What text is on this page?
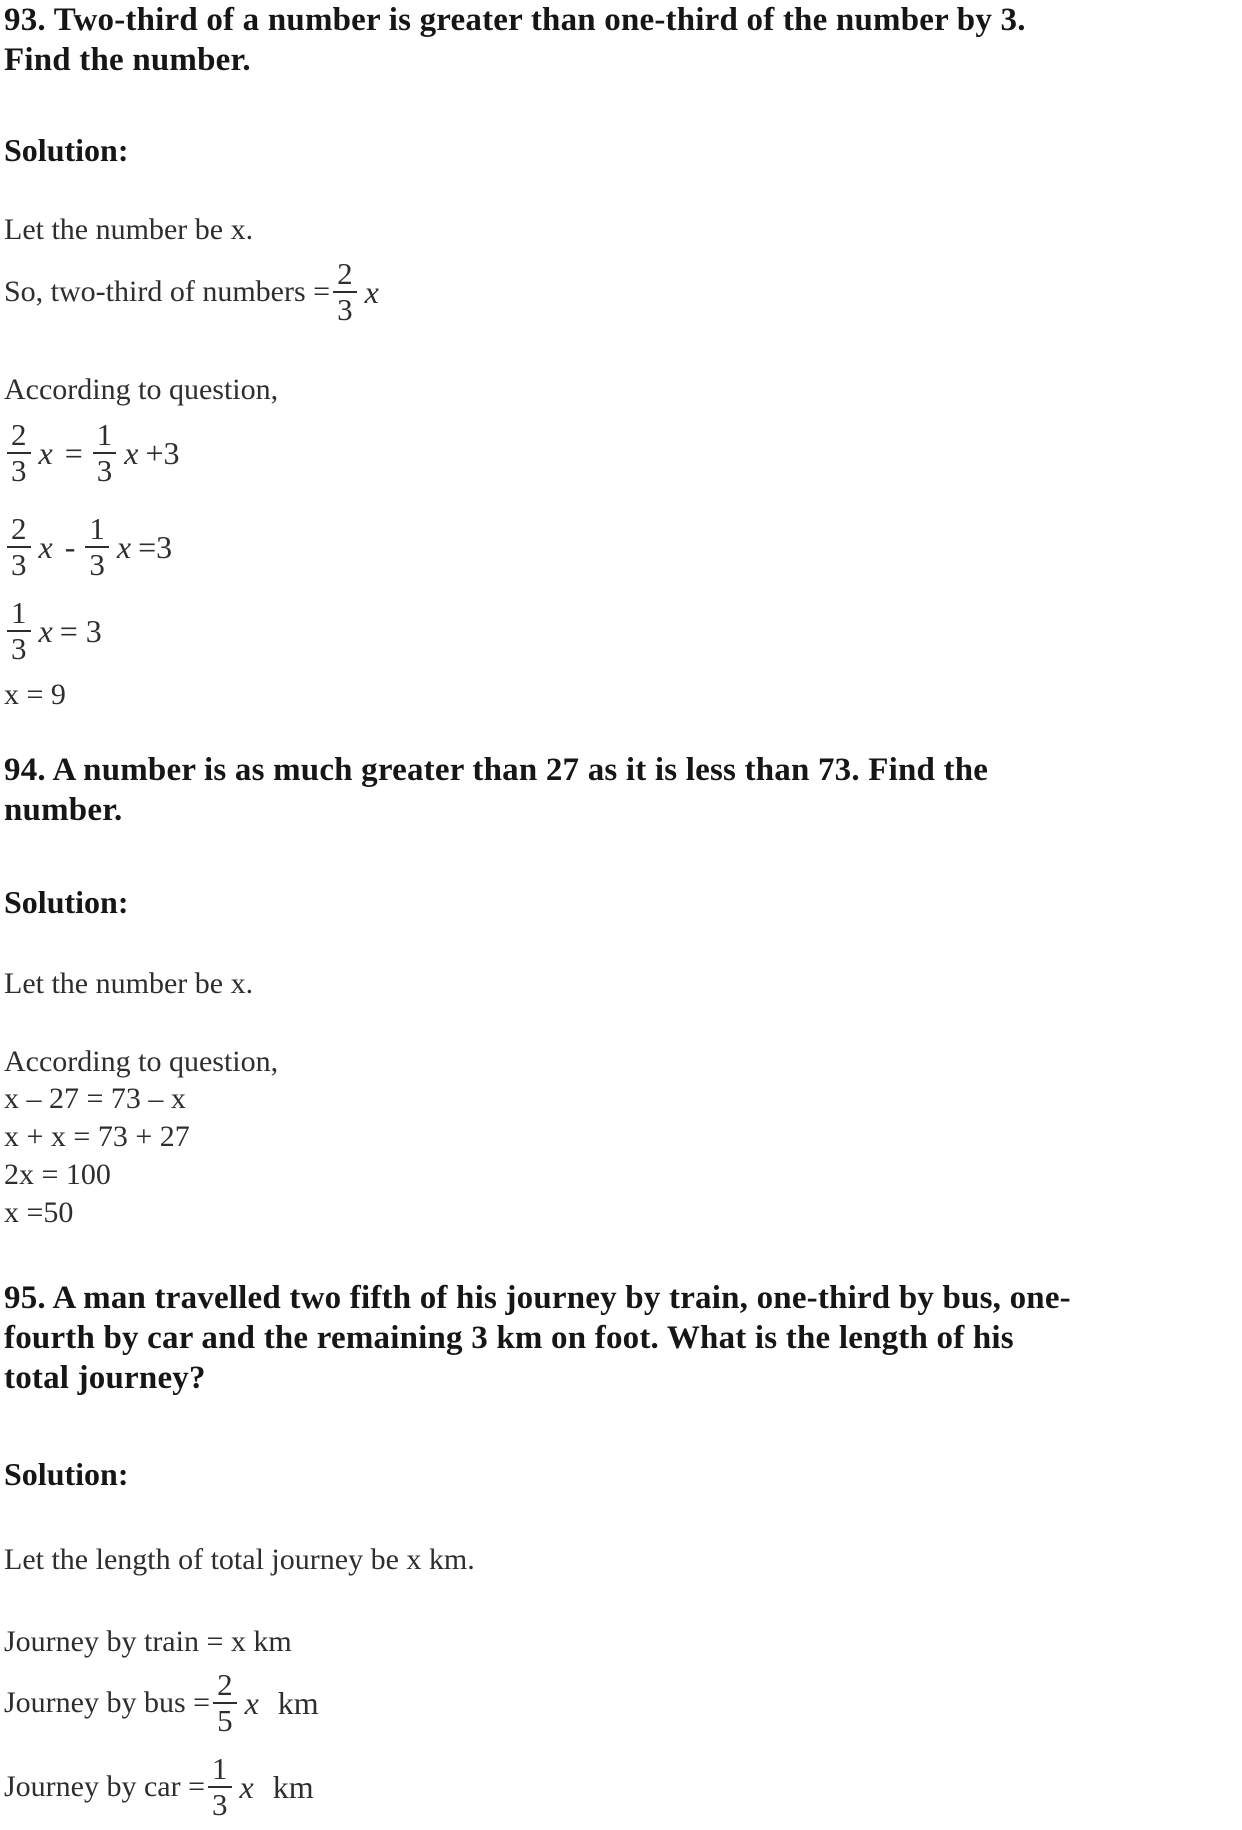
93. Two-third of a number is greater than one-third of the number by 3.
Find the number.
Solution:
Let the number be x.
So, two-third of numbers = $\frac{2}{3}$ x
According to question,
$\frac{2}{3}$ $x = \frac{1}{3}$ x +3
$\frac{2}{3}$ x - $\frac{1}{3}$ x =3
$\frac{1}{3}$ x = 3
x = 9
94. A number is as much greater than 27 as it is less than 73. Find the
number.
Solution:
Let the number be x.
According to question,
x – 27 = 73 – x
x + x = 73 + 27
2x = 100
x =50
95. A man travelled two fifth of his journey by train, one-third by bus, one-
fourth by car and the remaining 3 km on foot. What is the length of his
total journey?
Solution:
Let the length of total journey be x km.
Journey by train = x km
Journey by bus = $\frac{2}{5}$ x km
Journey by car = $\frac{1}{3}$ x km
